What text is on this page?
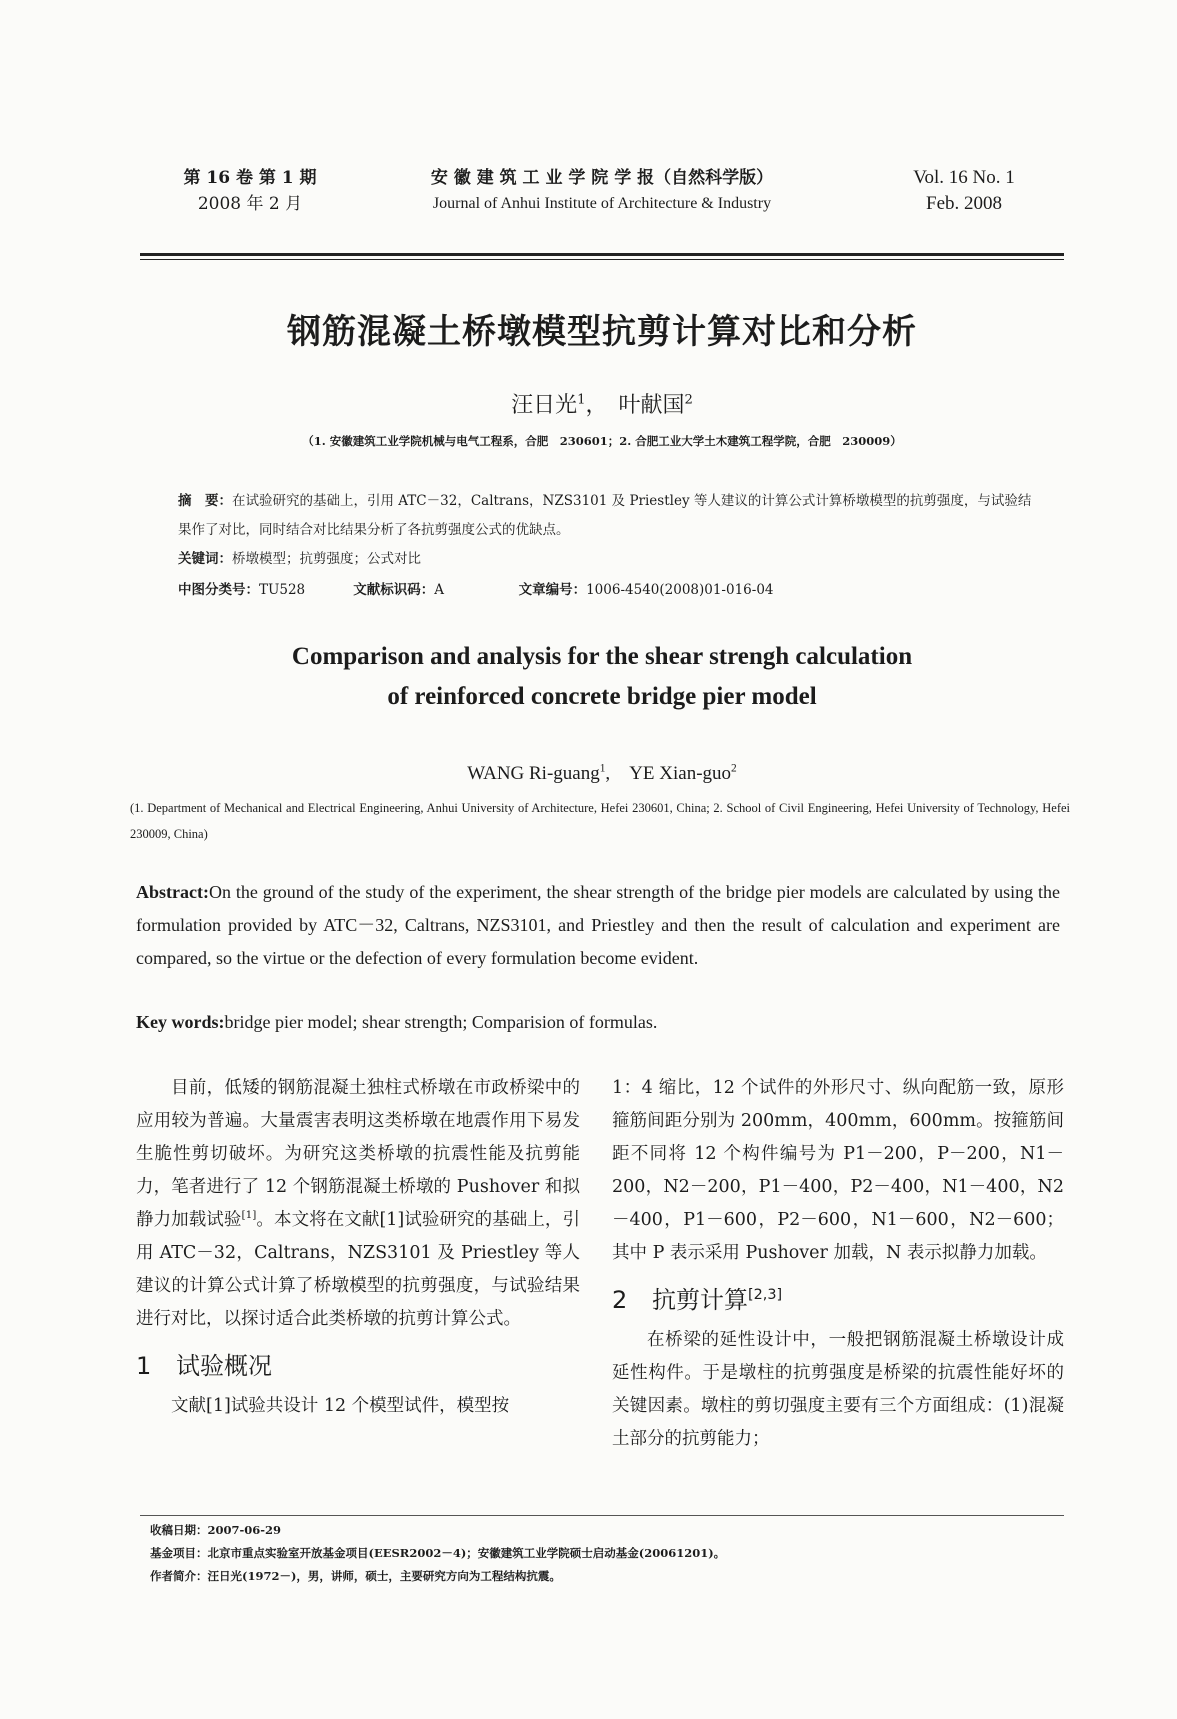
第 16 卷 第 1 期
2008 年 2 月
安 徽 建 筑 工 业 学 院 学 报（自然科学版）
Journal of Anhui Institute of Architecture & Industry
Vol. 16 No. 1
Feb. 2008
钢筋混凝土桥墩模型抗剪计算对比和分析
汪日光$^1$，　叶献国$^2$
（1. 安徽建筑工业学院机械与电气工程系，合肥　230601；2. 合肥工业大学土木建筑工程学院，合肥　230009）
摘　要：在试验研究的基础上，引用 ATC－32，Caltrans，NZS3101 及 Priestley 等人建议的计算公式计算桥墩模型的抗剪强度，与试验结果作了对比，同时结合对比结果分析了各抗剪强度公式的优缺点。
关键词：桥墩模型；抗剪强度；公式对比
中图分类号：TU528	文献标识码：A	文章编号：1006-4540(2008)01-016-04
Comparison and analysis for the shear strengh calculation
of reinforced concrete bridge pier model
WANG Ri-guang$^1$,　YE Xian-guo$^2$
(1. Department of Mechanical and Electrical Engineering, Anhui University of Architecture, Hefei 230601, China; 2. School of Civil Engineering, Hefei University of Technology, Hefei 230009, China)
Abstract:On the ground of the study of the experiment, the shear strength of the bridge pier models are calculated by using the formulation provided by ATC－32, Caltrans, NZS3101, and Priestley and then the result of calculation and experiment are compared, so the virtue or the defection of every formulation become evident.
Key words:bridge pier model; shear strength; Comparision of formulas.

目前，低矮的钢筋混凝土独柱式桥墩在市政桥梁中的应用较为普遍。大量震害表明这类桥墩在地震作用下易发生脆性剪切破坏。为研究这类桥墩的抗震性能及抗剪能力，笔者进行了 12 个钢筋混凝土桥墩的 Pushover 和拟静力加载试验[1]。本文将在文献[1]试验研究的基础上，引用 ATC－32，Caltrans，NZS3101 及 Priestley 等人建议的计算公式计算了桥墩模型的抗剪强度，与试验结果进行对比，以探讨适合此类桥墩的抗剪计算公式。

1 试验概况

文献[1]试验共设计 12 个模型试件，模型按

1：4 缩比，12 个试件的外形尺寸、纵向配筋一致，原形箍筋间距分别为 200mm，400mm，600mm。按箍筋间距不同将 12 个构件编号为 P1－200，P－200，N1－200，N2－200，P1－400，P2－400，N1－400，N2－400，P1－600，P2－600，N1－600，N2－600；其中 P 表示采用 Pushover 加载，N 表示拟静力加载。

2 抗剪计算[2,3]

在桥梁的延性设计中，一般把钢筋混凝土桥墩设计成延性构件。于是墩柱的抗剪强度是桥梁的抗震性能好坏的关键因素。墩柱的剪切强度主要有三个方面组成：(1)混凝土部分的抗剪能力；

收稿日期：2007-06-29
基金项目：北京市重点实验室开放基金项目(EESR2002－4)；安徽建筑工业学院硕士启动基金(20061201)。
作者简介：汪日光(1972－)，男，讲师，硕士，主要研究方向为工程结构抗震。
